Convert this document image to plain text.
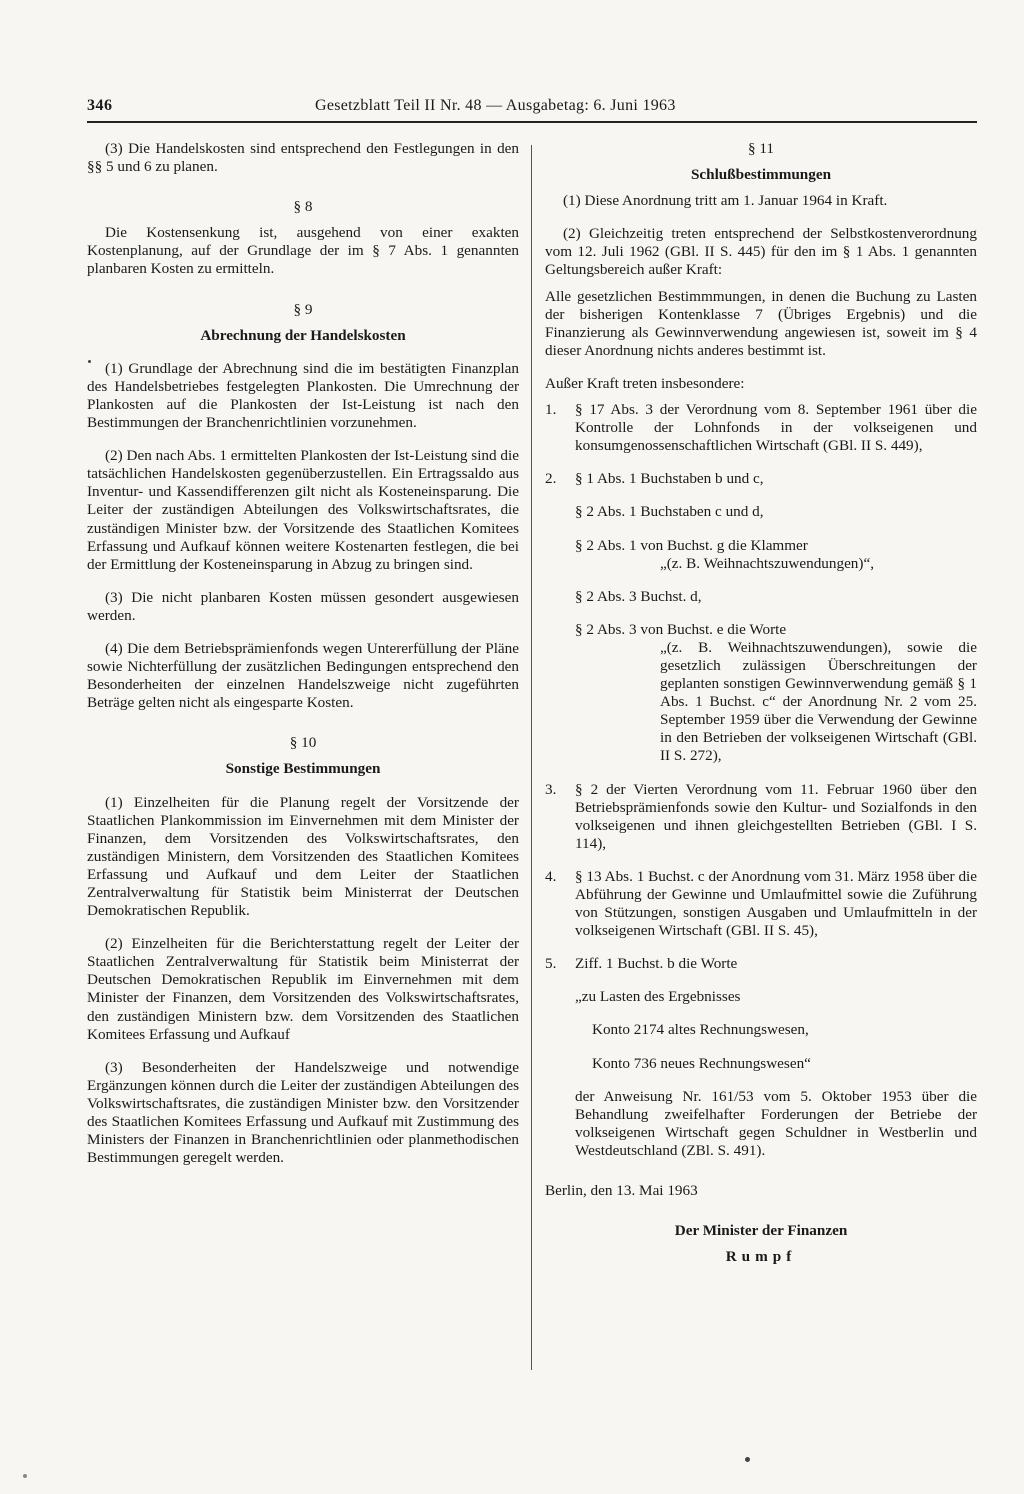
346	Gesetzblatt Teil II Nr. 48 — Ausgabetag: 6. Juni 1963

(3) Die Handelskosten sind entsprechend den Festlegungen in den §§ 5 und 6 zu planen.

§ 8

Die Kostensenkung ist, ausgehend von einer exakten Kostenplanung, auf der Grundlage der im § 7 Abs. 1 genannten planbaren Kosten zu ermitteln.

§ 9

Abrechnung der Handelskosten

(1) Grundlage der Abrechnung sind die im bestätigten Finanzplan des Handelsbetriebes festgelegten Plankosten. Die Umrechnung der Plankosten auf die Plankosten der Ist-Leistung ist nach den Bestimmungen der Branchenrichtlinien vorzunehmen.

(2) Den nach Abs. 1 ermittelten Plankosten der Ist-Leistung sind die tatsächlichen Handelskosten gegenüberzustellen. Ein Ertragssaldo aus Inventur- und Kassendifferenzen gilt nicht als Kosteneinsparung. Die Leiter der zuständigen Abteilungen des Volkswirtschaftsrates, die zuständigen Minister bzw. der Vorsitzende des Staatlichen Komitees Erfassung und Aufkauf können weitere Kostenarten festlegen, die bei der Ermittlung der Kosteneinsparung in Abzug zu bringen sind.

(3) Die nicht planbaren Kosten müssen gesondert ausgewiesen werden.

(4) Die dem Betriebsprämienfonds wegen Untererfüllung der Pläne sowie Nichterfüllung der zusätzlichen Bedingungen entsprechend den Besonderheiten der einzelnen Handelszweige nicht zugeführten Beträge gelten nicht als eingesparte Kosten.

§ 10

Sonstige Bestimmungen

(1) Einzelheiten für die Planung regelt der Vorsitzende der Staatlichen Plankommission im Einvernehmen mit dem Minister der Finanzen, dem Vorsitzenden des Volkswirtschaftsrates, den zuständigen Ministern, dem Vorsitzenden des Staatlichen Komitees Erfassung und Aufkauf und dem Leiter der Staatlichen Zentralverwaltung für Statistik beim Ministerrat der Deutschen Demokratischen Republik.

(2) Einzelheiten für die Berichterstattung regelt der Leiter der Staatlichen Zentralverwaltung für Statistik beim Ministerrat der Deutschen Demokratischen Republik im Einvernehmen mit dem Minister der Finanzen, dem Vorsitzenden des Volkswirtschaftsrates, den zuständigen Ministern bzw. dem Vorsitzenden des Staatlichen Komitees Erfassung und Aufkauf

(3) Besonderheiten der Handelszweige und notwendige Ergänzungen können durch die Leiter der zuständigen Abteilungen des Volkswirtschaftsrates, die zuständigen Minister bzw. den Vorsitzender des Staatlichen Komitees Erfassung und Aufkauf mit Zustimmung des Ministers der Finanzen in Branchenrichtlinien oder planmethodischen Bestimmungen geregelt werden.

§ 11

Schlußbestimmungen

(1) Diese Anordnung tritt am 1. Januar 1964 in Kraft.

(2) Gleichzeitig treten entsprechend der Selbstkostenverordnung vom 12. Juli 1962 (GBl. II S. 445) für den im § 1 Abs. 1 genannten Geltungsbereich außer Kraft:

Alle gesetzlichen Bestimmmungen, in denen die Buchung zu Lasten der bisherigen Kontenklasse 7 (Übriges Ergebnis) und die Finanzierung als Gewinnverwendung angewiesen ist, soweit im § 4 dieser Anordnung nichts anderes bestimmt ist.

Außer Kraft treten insbesondere:

1.	§ 17 Abs. 3 der Verordnung vom 8. September 1961 über die Kontrolle der Lohnfonds in der volkseigenen und konsumgenossenschaftlichen Wirtschaft (GBl. II S. 449),
2.	§ 1 Abs. 1 Buchstaben b und c,

§ 2 Abs. 1 Buchstaben c und d,

§ 2 Abs. 1 von Buchst. g die Klammer

„(z. B. Weihnachtszuwendungen)“,

§ 2 Abs. 3 Buchst. d,

§ 2 Abs. 3 von Buchst. e die Worte

„(z. B. Weihnachtszuwendungen), sowie die gesetzlich zulässigen Überschreitungen der geplanten sonstigen Gewinnverwendung gemäß § 1 Abs. 1 Buchst. c“ der Anordnung Nr. 2 vom 25. September 1959 über die Verwendung der Gewinne in den Betrieben der volkseigenen Wirtschaft (GBl. II S. 272),

3.	§ 2 der Vierten Verordnung vom 11. Februar 1960 über den Betriebsprämienfonds sowie den Kultur- und Sozialfonds in den volkseigenen und ihnen gleichgestellten Betrieben (GBl. I S. 114),
4.	§ 13 Abs. 1 Buchst. c der Anordnung vom 31. März 1958 über die Abführung der Gewinne und Umlaufmittel sowie die Zuführung von Stützungen, sonstigen Ausgaben und Umlaufmitteln in der volkseigenen Wirtschaft (GBl. II S. 45),
5.	Ziff. 1 Buchst. b die Worte

„zu Lasten des Ergebnisses

Konto 2174 altes Rechnungswesen,

Konto 736 neues Rechnungswesen“

der Anweisung Nr. 161/53 vom 5. Oktober 1953 über die Behandlung zweifelhafter Forderungen der Betriebe der volkseigenen Wirtschaft gegen Schuldner in Westberlin und Westdeutschland (ZBl. S. 491).

Berlin, den 13. Mai 1963

Der Minister der Finanzen

Rumpf
